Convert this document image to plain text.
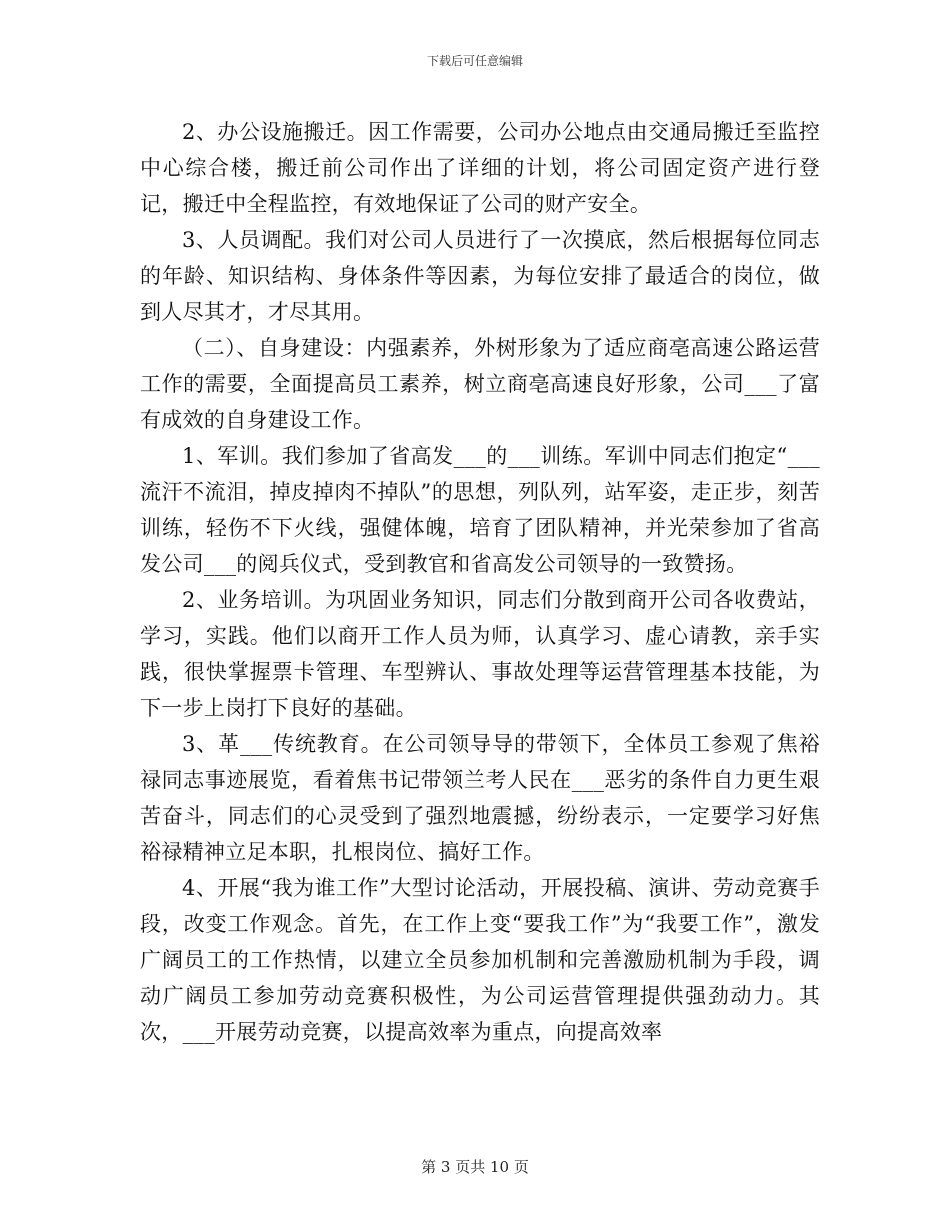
下载后可任意编辑

2、办公设施搬迁。因工作需要，公司办公地点由交通局搬迁至监控中心综合楼，搬迁前公司作出了详细的计划，将公司固定资产进行登记，搬迁中全程监控，有效地保证了公司的财产安全。

3、人员调配。我们对公司人员进行了一次摸底，然后根据每位同志的年龄、知识结构、身体条件等因素，为每位安排了最适合的岗位，做到人尽其才，才尽其用。

（二）、自身建设：内强素养，外树形象为了适应商亳高速公路运营工作的需要，全面提高员工素养，树立商亳高速良好形象，公司___了富有成效的自身建设工作。

1、军训。我们参加了省高发___的___训练。军训中同志们抱定“___流汗不流泪，掉皮掉肉不掉队”的思想，列队列，站军姿，走正步，刻苦训练，轻伤不下火线，强健体魄，培育了团队精神，并光荣参加了省高发公司___的阅兵仪式，受到教官和省高发公司领导的一致赞扬。

2、业务培训。为巩固业务知识，同志们分散到商开公司各收费站，学习，实践。他们以商开工作人员为师，认真学习、虚心请教，亲手实践，很快掌握票卡管理、车型辨认、事故处理等运营管理基本技能，为下一步上岗打下良好的基础。

3、革___传统教育。在公司领导导的带领下，全体员工参观了焦裕禄同志事迹展览，看着焦书记带领兰考人民在___恶劣的条件自力更生艰苦奋斗，同志们的心灵受到了强烈地震撼，纷纷表示，一定要学习好焦裕禄精神立足本职，扎根岗位、搞好工作。

4、开展“我为谁工作”大型讨论活动，开展投稿、演讲、劳动竞赛手段，改变工作观念。首先，在工作上变“要我工作”为“我要工作”，激发广阔员工的工作热情，以建立全员参加机制和完善激励机制为手段，调动广阔员工参加劳动竞赛积极性，为公司运营管理提供强劲动力。其次，___开展劳动竞赛，以提高效率为重点，向提高效率

第 3 页共 10 页
